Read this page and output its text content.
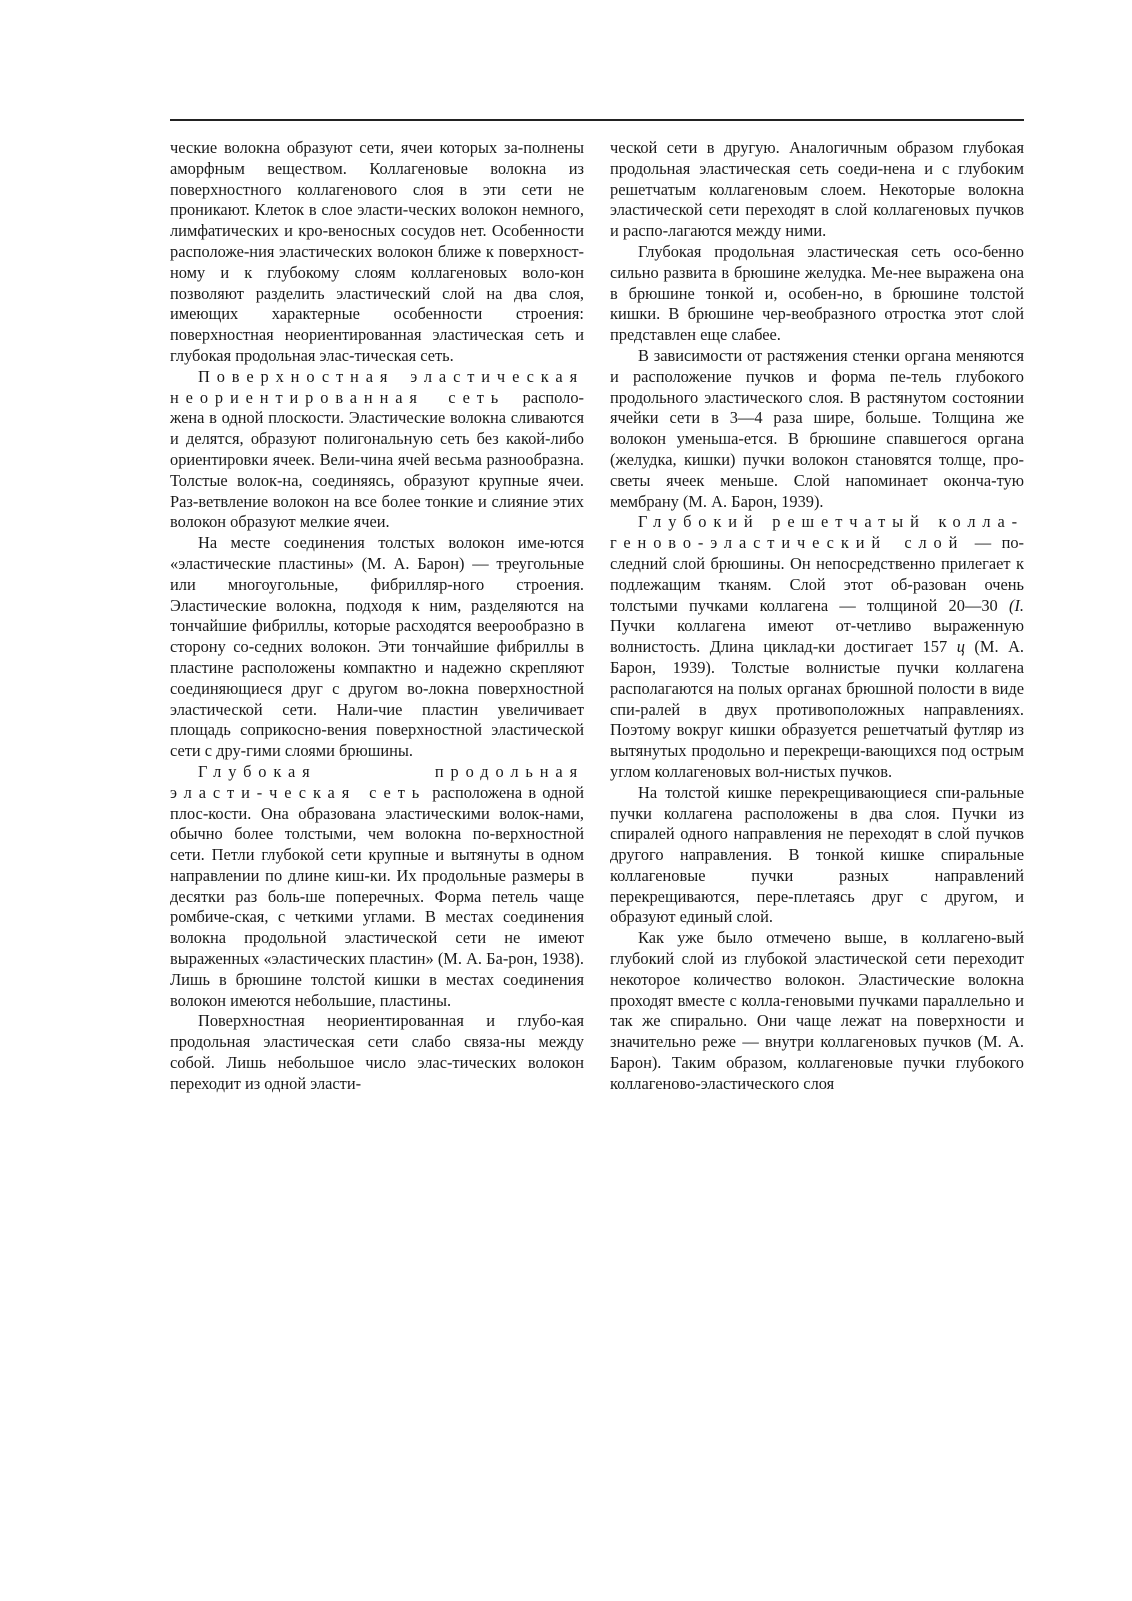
ческие волокна образуют сети, ячеи которых за-полнены аморфным веществом. Коллагеновые волокна из поверхностного коллагенового слоя в эти сети не проникают. Клеток в слое эласти-ческих волокон немного, лимфатических и кро-веносных сосудов нет. Особенности расположе-ния эластических волокон ближе к поверхност-ному и к глубокому слоям коллагеновых воло-кон позволяют разделить эластический слой на два слоя, имеющих характерные особенности строения: поверхностная неориентированная эластическая сеть и глубокая продольная элас-тическая сеть.

Поверхностная эластическая неориентированная сеть располо-жена в одной плоскости. Эластические волокна сливаются и делятся, образуют полигональную сеть без какой-либо ориентировки ячеек. Вели-чина ячей весьма разнообразна. Толстые волок-на, соединяясь, образуют крупные ячеи. Раз-ветвление волокон на все более тонкие и слияние этих волокон образуют мелкие ячеи.

На месте соединения толстых волокон име-ются «эластические пластины» (М. А. Барон) — треугольные или многоугольные, фибрилляр-ного строения. Эластические волокна, подходя к ним, разделяются на тончайшие фибриллы, которые расходятся веерообразно в сторону со-седних волокон. Эти тончайшие фибриллы в пластине расположены компактно и надежно скрепляют соединяющиеся друг с другом во-локна поверхностной эластической сети. Нали-чие пластин увеличивает площадь соприкосно-вения поверхностной эластической сети с дру-гими слоями брюшины.

Глубокая продольная эласти-ческая сеть расположена в одной плос-кости. Она образована эластическими волок-нами, обычно более толстыми, чем волокна по-верхностной сети. Петли глубокой сети крупные и вытянуты в одном направлении по длине киш-ки. Их продольные размеры в десятки раз боль-ше поперечных. Форма петель чаще ромбиче-ская, с четкими углами. В местах соединения волокна продольной эластической сети не имеют выраженных «эластических пластин» (М. А. Ба-рон, 1938). Лишь в брюшине толстой кишки в местах соединения волокон имеются небольшие, пластины.

Поверхностная неориентированная и глубо-кая продольная эластическая сети слабо связа-ны между собой. Лишь небольшое число элас-тических волокон переходит из одной эласти-

ческой сети в другую. Аналогичным образом глубокая продольная эластическая сеть соеди-нена и с глубоким решетчатым коллагеновым слоем. Некоторые волокна эластической сети переходят в слой коллагеновых пучков и распо-лагаются между ними.

Глубокая продольная эластическая сеть осо-бенно сильно развита в брюшине желудка. Ме-нее выражена она в брюшине тонкой и, особен-но, в брюшине толстой кишки. В брюшине чер-веобразного отростка этот слой представлен еще слабее.

В зависимости от растяжения стенки органа меняются и расположение пучков и форма пе-тель глубокого продольного эластического слоя. В растянутом состоянии ячейки сети в 3—4 раза шире, больше. Толщина же волокон уменьша-ется. В брюшине спавшегося органа (желудка, кишки) пучки волокон становятся толще, про-светы ячеек меньше. Слой напоминает оконча-тую мембрану (М. А. Барон, 1939).

Глубокий решетчатый колла-геново-эластический слой — по-следний слой брюшины. Он непосредственно прилегает к подлежащим тканям. Слой этот об-разован очень толстыми пучками коллагена — толщиной 20—30 (I. Пучки коллагена имеют от-четливо выраженную волнистость. Длина циклад-ки достигает 157 ц (М. А. Барон, 1939). Толстые волнистые пучки коллагена располагаются на полых органах брюшной полости в виде спи-ралей в двух противоположных направлениях. Поэтому вокруг кишки образуется решетчатый футляр из вытянутых продольно и перекрещи-вающихся под острым углом коллагеновых вол-нистых пучков.

На толстой кишке перекрещивающиеся спи-ральные пучки коллагена расположены в два слоя. Пучки из спиралей одного направления не переходят в слой пучков другого направления. В тонкой кишке спиральные коллагеновые пучки разных направлений перекрещиваются, пере-плетаясь друг с другом, и образуют единый слой.

Как уже было отмечено выше, в коллагено-вый глубокий слой из глубокой эластической сети переходит некоторое количество волокон. Эластические волокна проходят вместе с колла-геновыми пучками параллельно и так же спирально. Они чаще лежат на поверхности и значительно реже — внутри коллагеновых пучков (М. А. Барон). Таким образом, коллагеновые пучки глубокого коллагеново-эластического слоя
